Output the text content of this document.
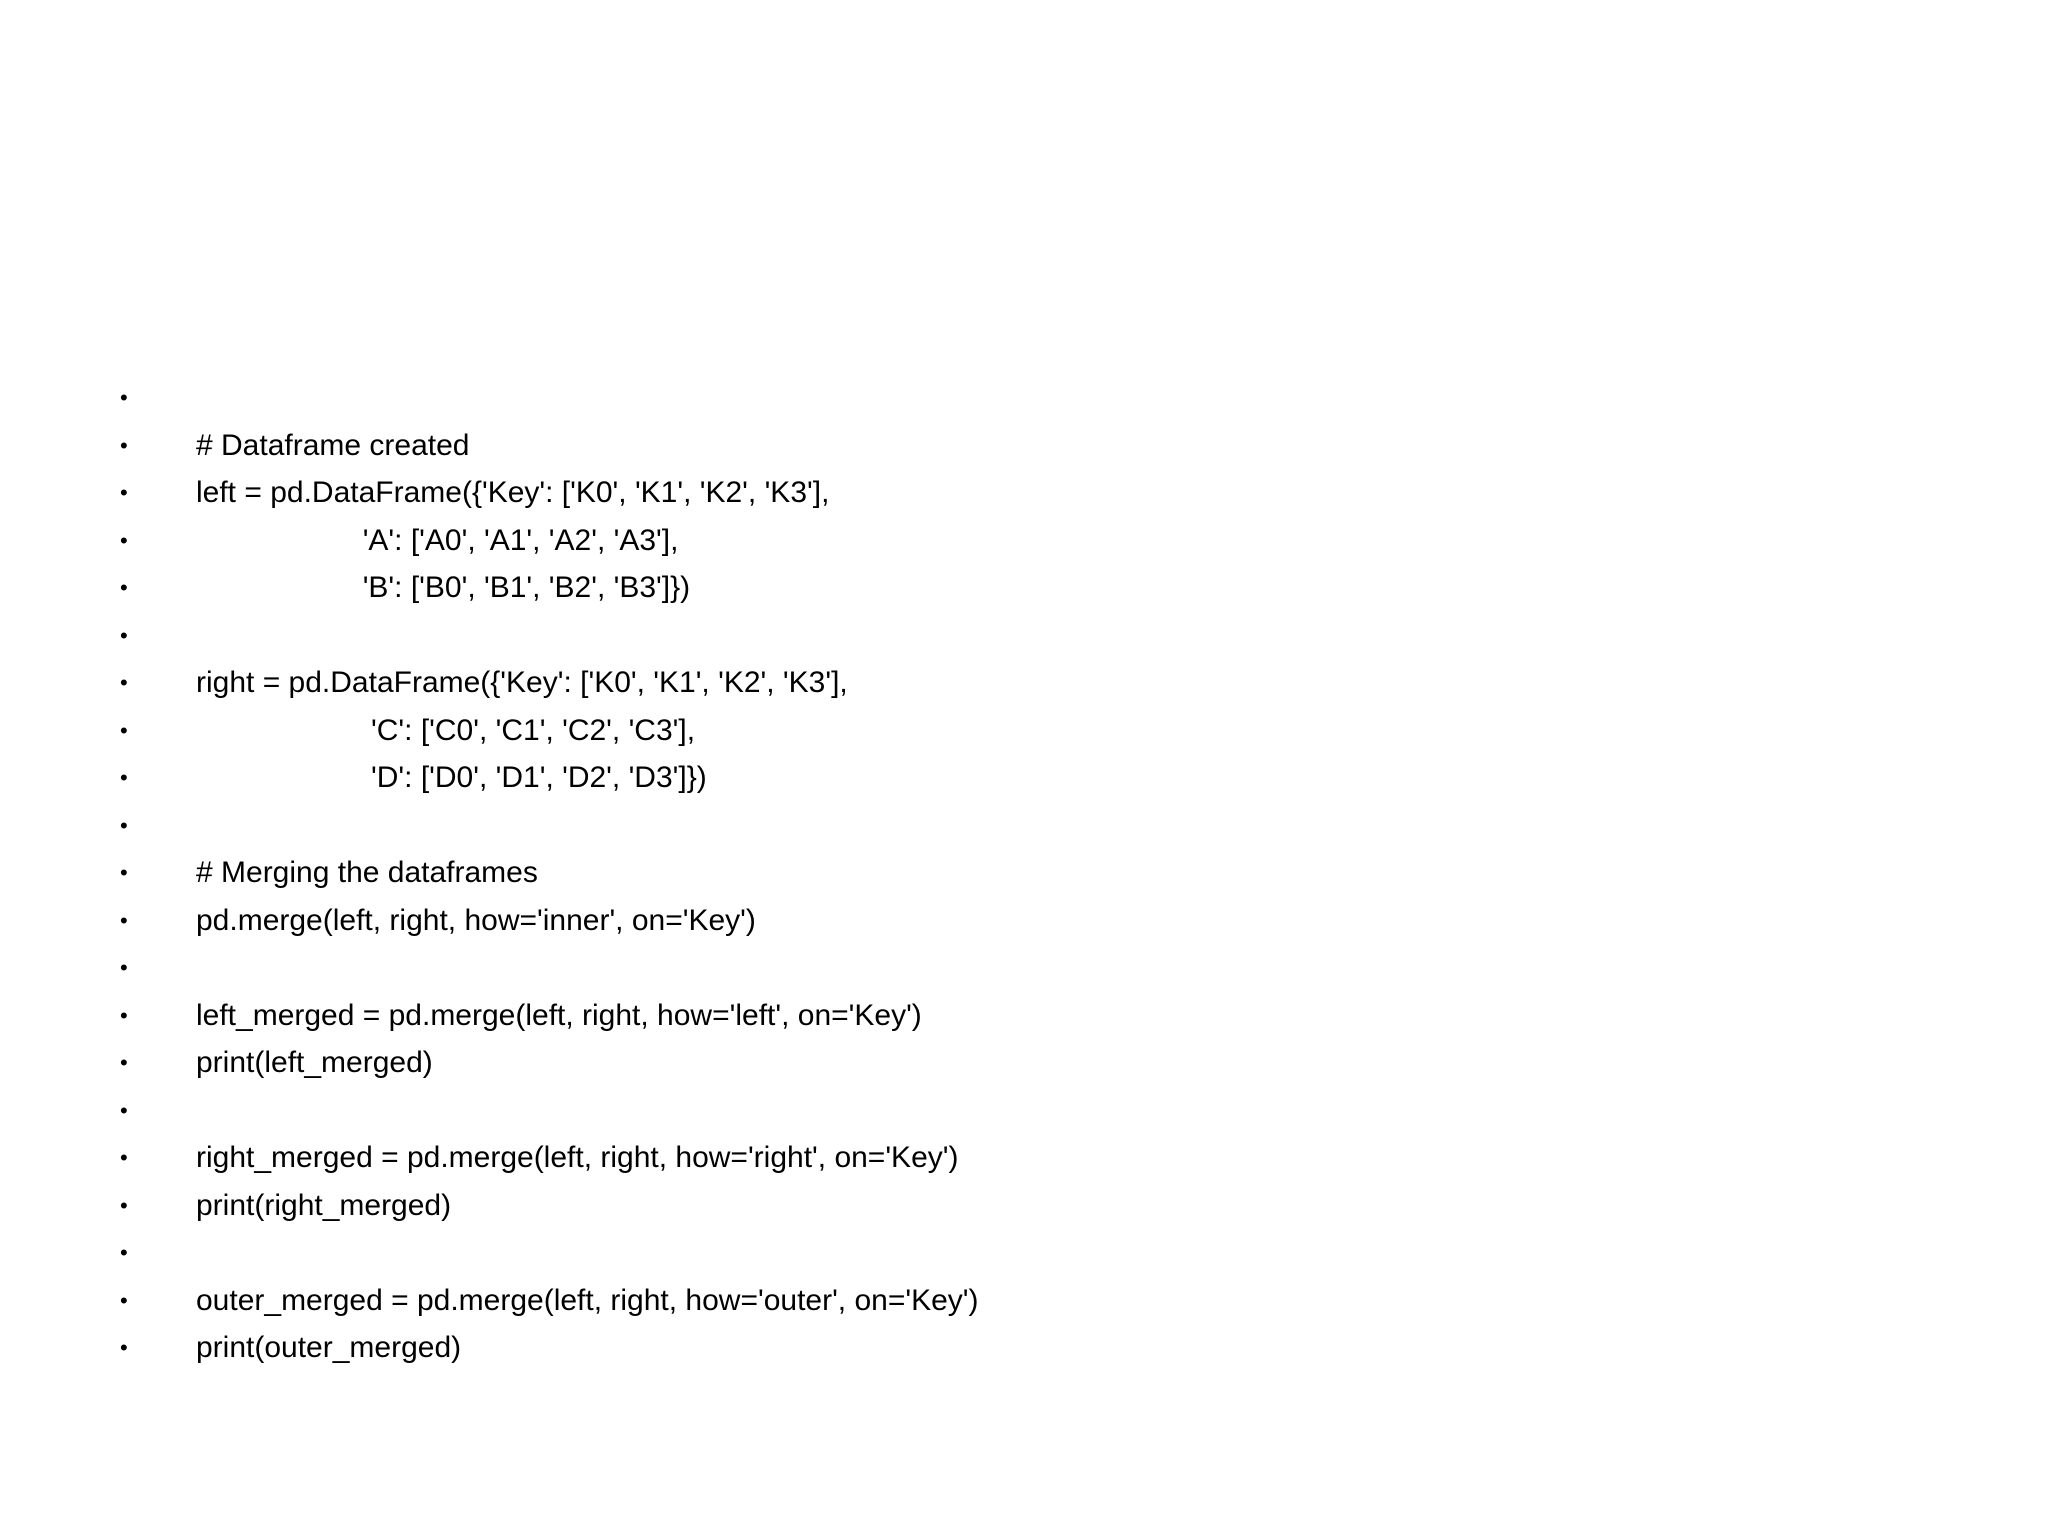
•
•	# Dataframe created
•	left = pd.DataFrame({'Key': ['K0', 'K1', 'K2', 'K3'],
•	'A': ['A0', 'A1', 'A2', 'A3'],
•	'B': ['B0', 'B1', 'B2', 'B3']})
•
•	right = pd.DataFrame({'Key': ['K0', 'K1', 'K2', 'K3'],
•	'C': ['C0', 'C1', 'C2', 'C3'],
•	'D': ['D0', 'D1', 'D2', 'D3']})
•
•	# Merging the dataframes
•	pd.merge(left, right, how='inner', on='Key')
•
•	left_merged = pd.merge(left, right, how='left', on='Key')
•	print(left_merged)
•
•	right_merged = pd.merge(left, right, how='right', on='Key')
•	print(right_merged)
•
•	outer_merged = pd.merge(left, right, how='outer', on='Key')
•	print(outer_merged)
